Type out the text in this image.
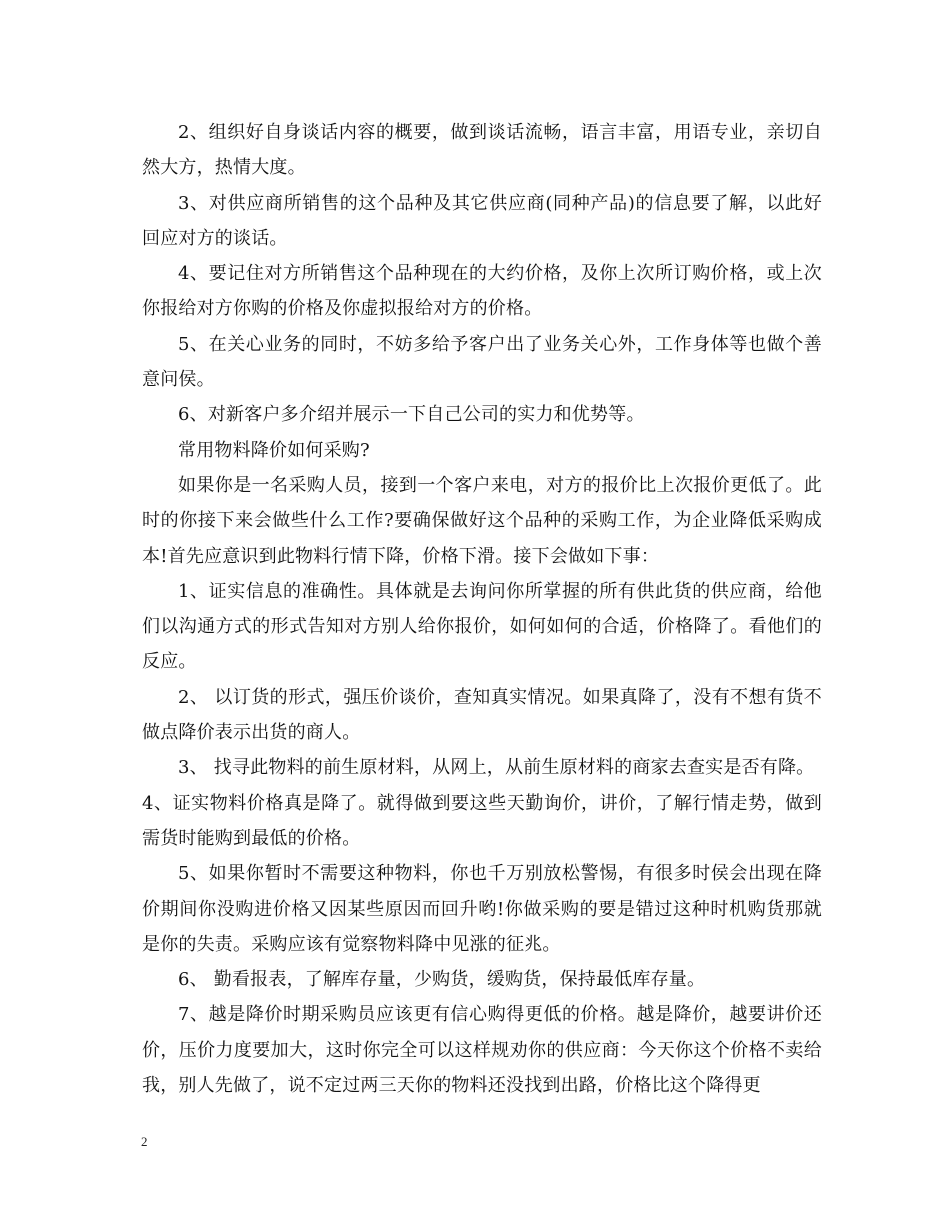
2、组织好自身谈话内容的概要，做到谈话流畅，语言丰富，用语专业，亲切自然大方，热情大度。

3、对供应商所销售的这个品种及其它供应商(同种产品)的信息要了解，以此好回应对方的谈话。

4、要记住对方所销售这个品种现在的大约价格，及你上次所订购价格，或上次你报给对方你购的价格及你虚拟报给对方的价格。

5、在关心业务的同时，不妨多给予客户出了业务关心外，工作身体等也做个善意问侯。

6、对新客户多介绍并展示一下自己公司的实力和优势等。

常用物料降价如何采购?

如果你是一名采购人员，接到一个客户来电，对方的报价比上次报价更低了。此时的你接下来会做些什么工作?要确保做好这个品种的采购工作，为企业降低采购成本!首先应意识到此物料行情下降，价格下滑。接下会做如下事：

1、证实信息的准确性。具体就是去询问你所掌握的所有供此货的供应商，给他们以沟通方式的形式告知对方别人给你报价，如何如何的合适，价格降了。看他们的反应。

2、 以订货的形式，强压价谈价，查知真实情况。如果真降了，没有不想有货不做点降价表示出货的商人。

3、 找寻此物料的前生原材料，从网上，从前生原材料的商家去查实是否有降。

4、证实物料价格真是降了。就得做到要这些天勤询价，讲价，了解行情走势，做到需货时能购到最低的价格。

5、如果你暂时不需要这种物料，你也千万别放松警惕，有很多时侯会出现在降价期间你没购进价格又因某些原因而回升哟!你做采购的要是错过这种时机购货那就是你的失责。采购应该有觉察物料降中见涨的征兆。

6、 勤看报表，了解库存量，少购货，缓购货，保持最低库存量。

7、越是降价时期采购员应该更有信心购得更低的价格。越是降价，越要讲价还价，压价力度要加大，这时你完全可以这样规劝你的供应商：今天你这个价格不卖给我，别人先做了，说不定过两三天你的物料还没找到出路，价格比这个降得更

2
